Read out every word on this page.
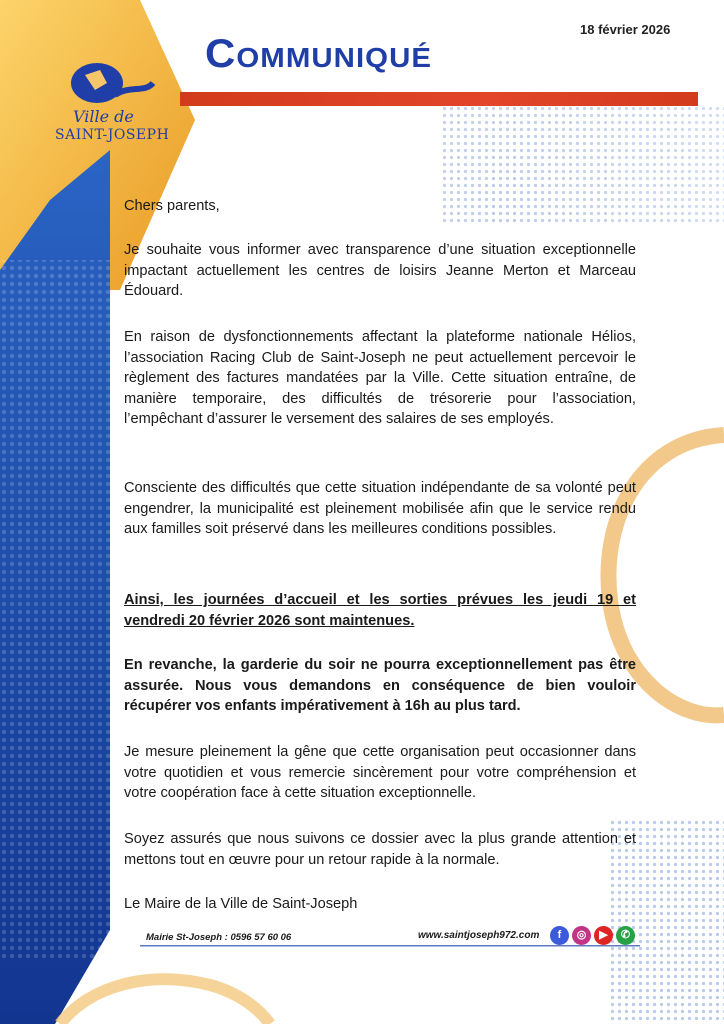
Ville de
SAINT-JOSEPH
Communiqué
18 février 2026
Chers parents,
Je souhaite vous informer avec transparence d’une situation exceptionnelle impactant actuellement les centres de loisirs Jeanne Merton et Marceau Édouard.
En raison de dysfonctionnements affectant la plateforme nationale Hélios, l’association Racing Club de Saint-Joseph ne peut actuellement percevoir le règlement des factures mandatées par la Ville. Cette situation entraîne, de manière temporaire, des difficultés de trésorerie pour l’association, l’empêchant d’assurer le versement des salaires de ses employés.
Consciente des difficultés que cette situation indépendante de sa volonté peut engendrer, la municipalité est pleinement mobilisée afin que le service rendu aux familles soit préservé dans les meilleures conditions possibles.
Ainsi, les journées d’accueil et les sorties prévues les jeudi 19 et vendredi 20 février 2026 sont maintenues.
En revanche, la garderie du soir ne pourra exceptionnellement pas être assurée. Nous vous demandons en conséquence de bien vouloir récupérer vos enfants impérativement à 16h au plus tard.
Je mesure pleinement la gêne que cette organisation peut occasionner dans votre quotidien et vous remercie sincèrement pour votre compréhension et votre coopération face à cette situation exceptionnelle.
Soyez assurés que nous suivons ce dossier avec la plus grande attention et mettons tout en œuvre pour un retour rapide à la normale.
Le Maire de la Ville de Saint-Joseph
Mairie St-Joseph : 0596 57 60 06	www.saintjoseph972.com	f	◎	▶	✆
